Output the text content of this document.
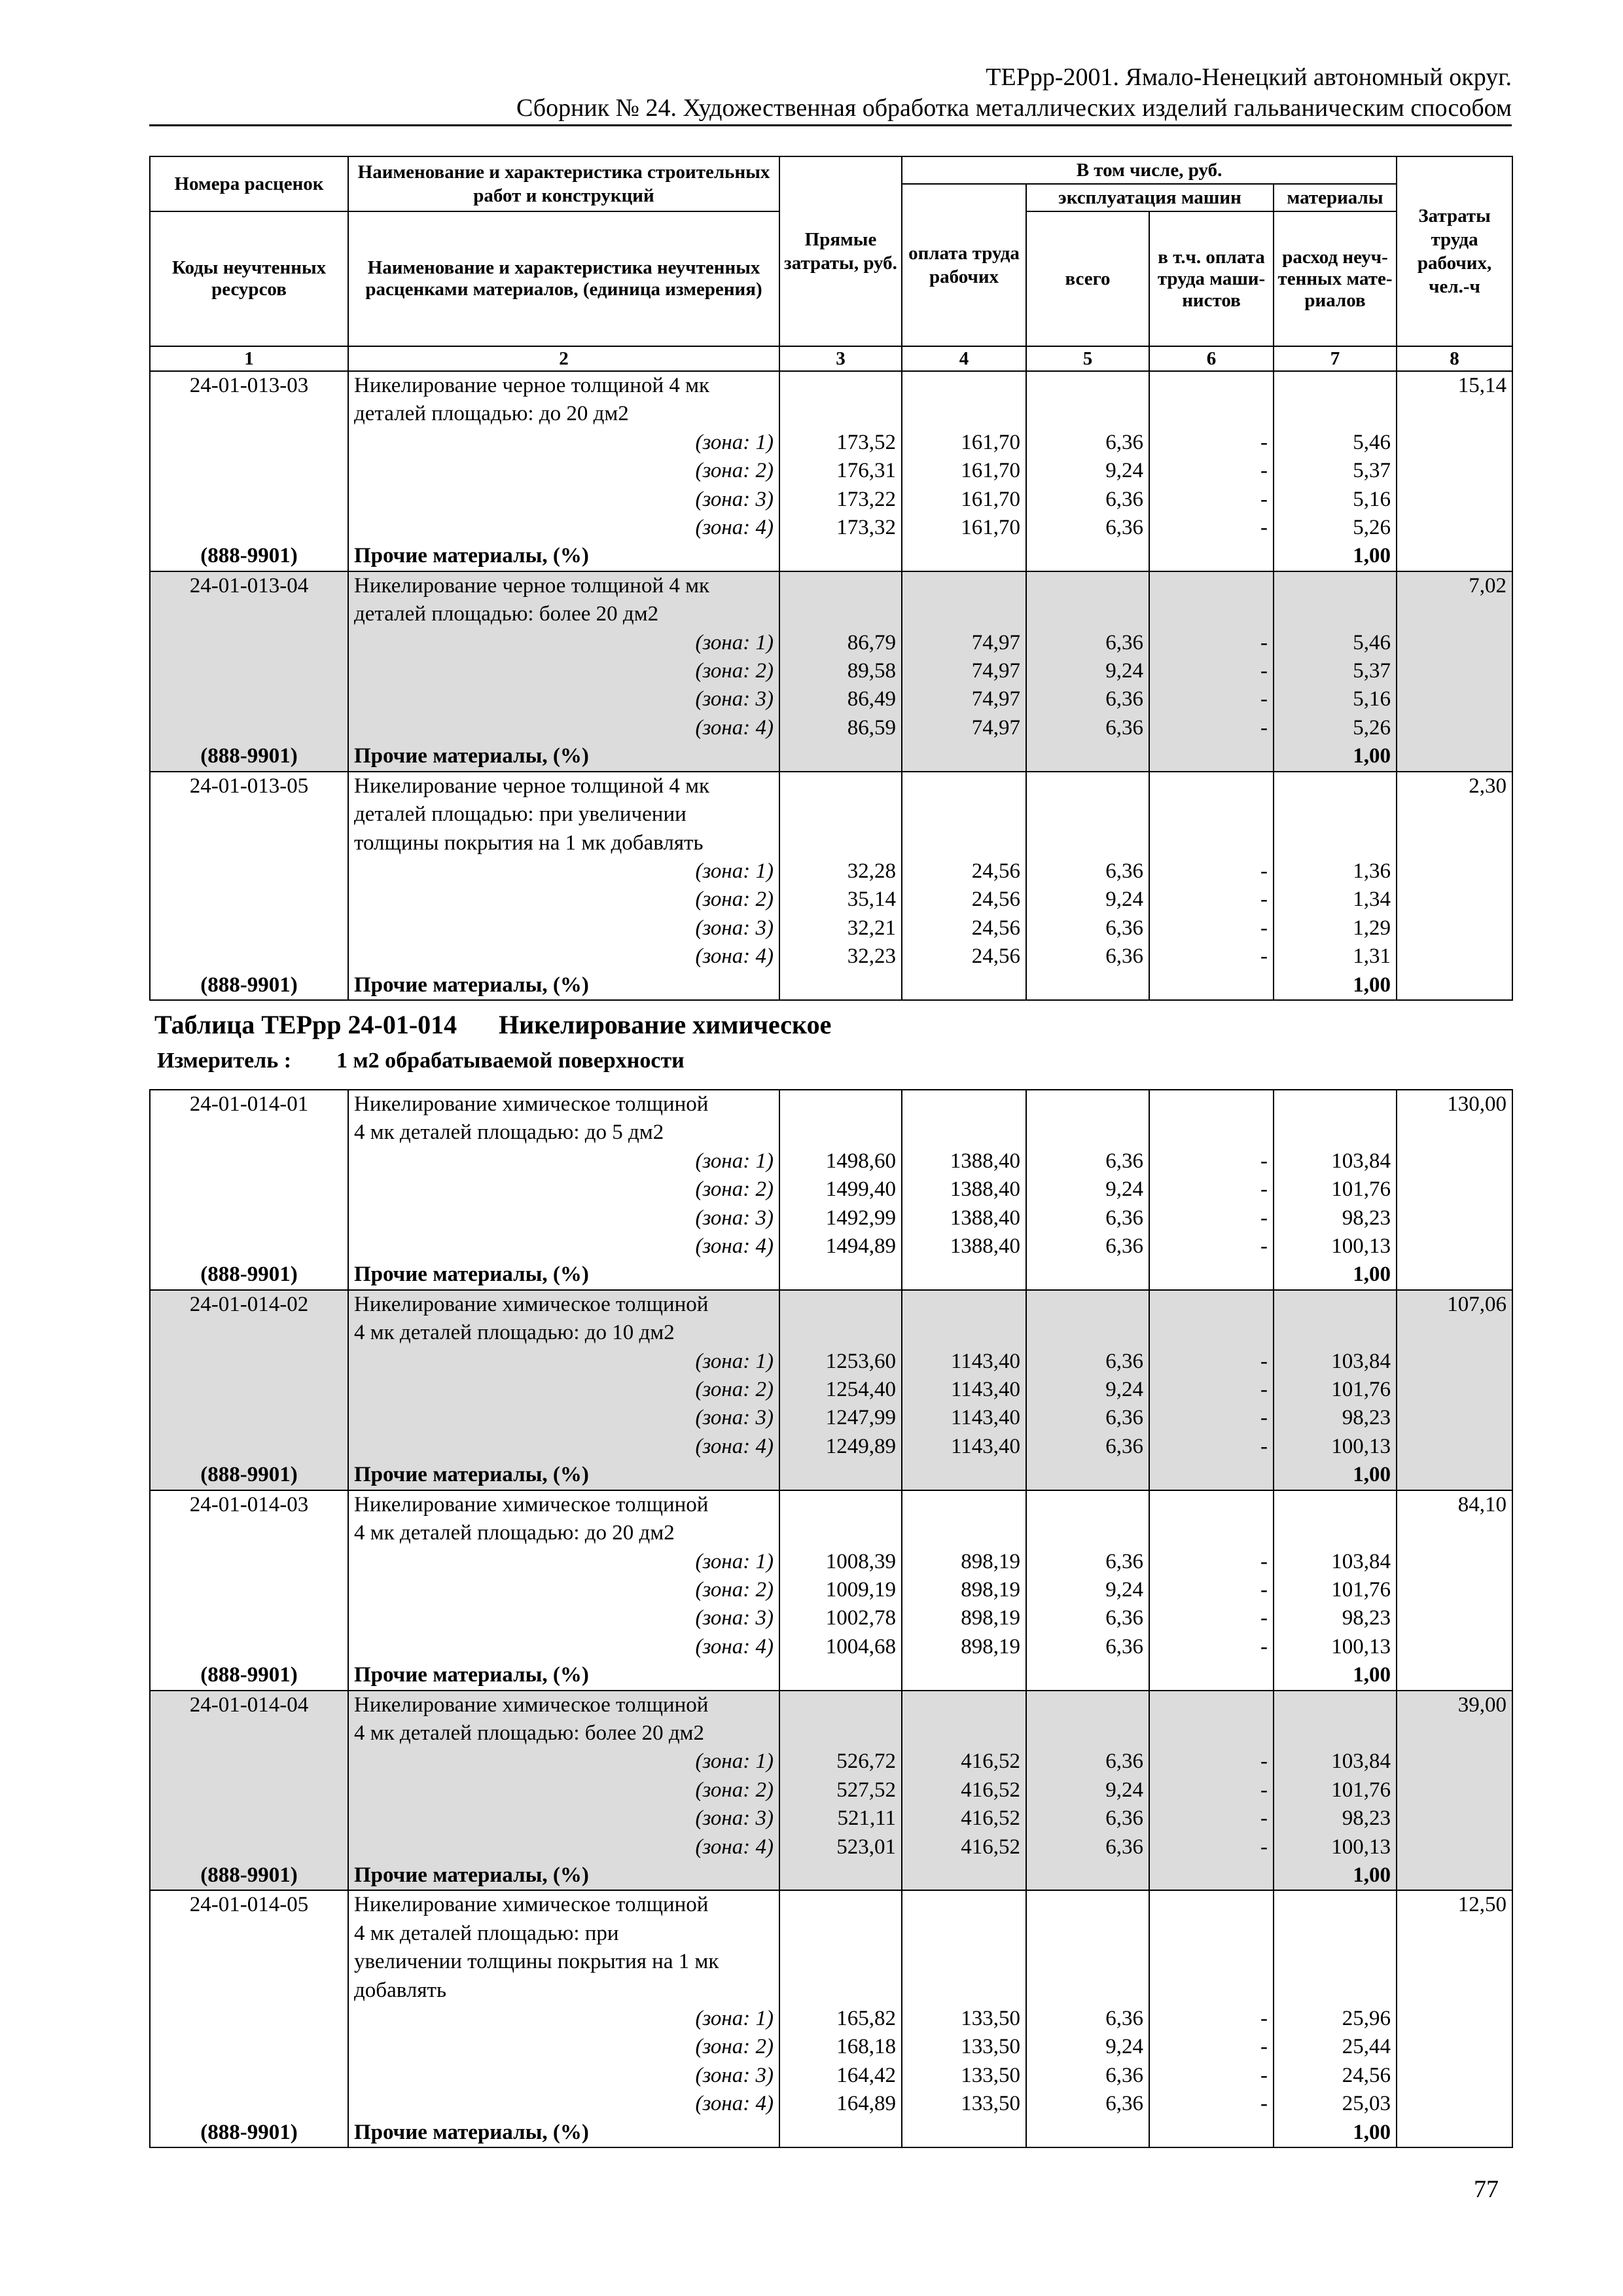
ТЕРрр-2001. Ямало-Ненецкий автономный округ.
Сборник № 24. Художественная обработка металлических изделий гальваническим способом
Номера расценок	Наименование и характеристика строительных работ и конструкций	Прямые затраты, руб.	В том числе, руб.				Затраты труда рабочих, чел.-ч
			оплата труда рабочих	эксплуатация машин		материалы	
Коды неучтенных ресурсов	Наименование и характеристика неучтенных расценками материалов, (единица измерения)			всего	в т.ч. оплата труда маши-нистов	расход неуч-тенных мате-риалов	

1	2	3	4	5	6	7	8
24-01-013-03	Никелирование черное толщиной 4 мк						15,14
	деталей площадью: до 20 дм2						
	(зона: 1)	173,52	161,70	6,36	-	5,46	
	(зона: 2)	176,31	161,70	9,24	-	5,37	
	(зона: 3)	173,22	161,70	6,36	-	5,16	
	(зона: 4)	173,32	161,70	6,36	-	5,26	
(888-9901)	Прочие материалы, (%)					1,00	
24-01-013-04	Никелирование черное толщиной 4 мк						7,02
	деталей площадью: более 20 дм2						
	(зона: 1)	86,79	74,97	6,36	-	5,46	
	(зона: 2)	89,58	74,97	9,24	-	5,37	
	(зона: 3)	86,49	74,97	6,36	-	5,16	
	(зона: 4)	86,59	74,97	6,36	-	5,26	
(888-9901)	Прочие материалы, (%)					1,00	
24-01-013-05	Никелирование черное толщиной 4 мк						2,30
	деталей площадью: при увеличении						
	толщины покрытия на 1 мк добавлять						
	(зона: 1)	32,28	24,56	6,36	-	1,36	
	(зона: 2)	35,14	24,56	9,24	-	1,34	
	(зона: 3)	32,21	24,56	6,36	-	1,29	
	(зона: 4)	32,23	24,56	6,36	-	1,31	
(888-9901)	Прочие материалы, (%)					1,00	
Таблица ТЕРрр 24-01-014 Никелирование химическое
Измеритель : 1 м2 обрабатываемой поверхности
24-01-014-01	Никелирование химическое толщиной						130,00
	4 мк деталей площадью: до 5 дм2						
	(зона: 1)	1498,60	1388,40	6,36	-	103,84	
	(зона: 2)	1499,40	1388,40	9,24	-	101,76	
	(зона: 3)	1492,99	1388,40	6,36	-	98,23	
	(зона: 4)	1494,89	1388,40	6,36	-	100,13	
(888-9901)	Прочие материалы, (%)					1,00	
24-01-014-02	Никелирование химическое толщиной						107,06
	4 мк деталей площадью: до 10 дм2						
	(зона: 1)	1253,60	1143,40	6,36	-	103,84	
	(зона: 2)	1254,40	1143,40	9,24	-	101,76	
	(зона: 3)	1247,99	1143,40	6,36	-	98,23	
	(зона: 4)	1249,89	1143,40	6,36	-	100,13	
(888-9901)	Прочие материалы, (%)					1,00	
24-01-014-03	Никелирование химическое толщиной						84,10
	4 мк деталей площадью: до 20 дм2						
	(зона: 1)	1008,39	898,19	6,36	-	103,84	
	(зона: 2)	1009,19	898,19	9,24	-	101,76	
	(зона: 3)	1002,78	898,19	6,36	-	98,23	
	(зона: 4)	1004,68	898,19	6,36	-	100,13	
(888-9901)	Прочие материалы, (%)					1,00	
24-01-014-04	Никелирование химическое толщиной						39,00
	4 мк деталей площадью: более 20 дм2						
	(зона: 1)	526,72	416,52	6,36	-	103,84	
	(зона: 2)	527,52	416,52	9,24	-	101,76	
	(зона: 3)	521,11	416,52	6,36	-	98,23	
	(зона: 4)	523,01	416,52	6,36	-	100,13	
(888-9901)	Прочие материалы, (%)					1,00	
24-01-014-05	Никелирование химическое толщиной						12,50
	4 мк деталей площадью: при						
	увеличении толщины покрытия на 1 мк						
	добавлять						
	(зона: 1)	165,82	133,50	6,36	-	25,96	
	(зона: 2)	168,18	133,50	9,24	-	25,44	
	(зона: 3)	164,42	133,50	6,36	-	24,56	
	(зона: 4)	164,89	133,50	6,36	-	25,03	
(888-9901)	Прочие материалы, (%)					1,00	
77
